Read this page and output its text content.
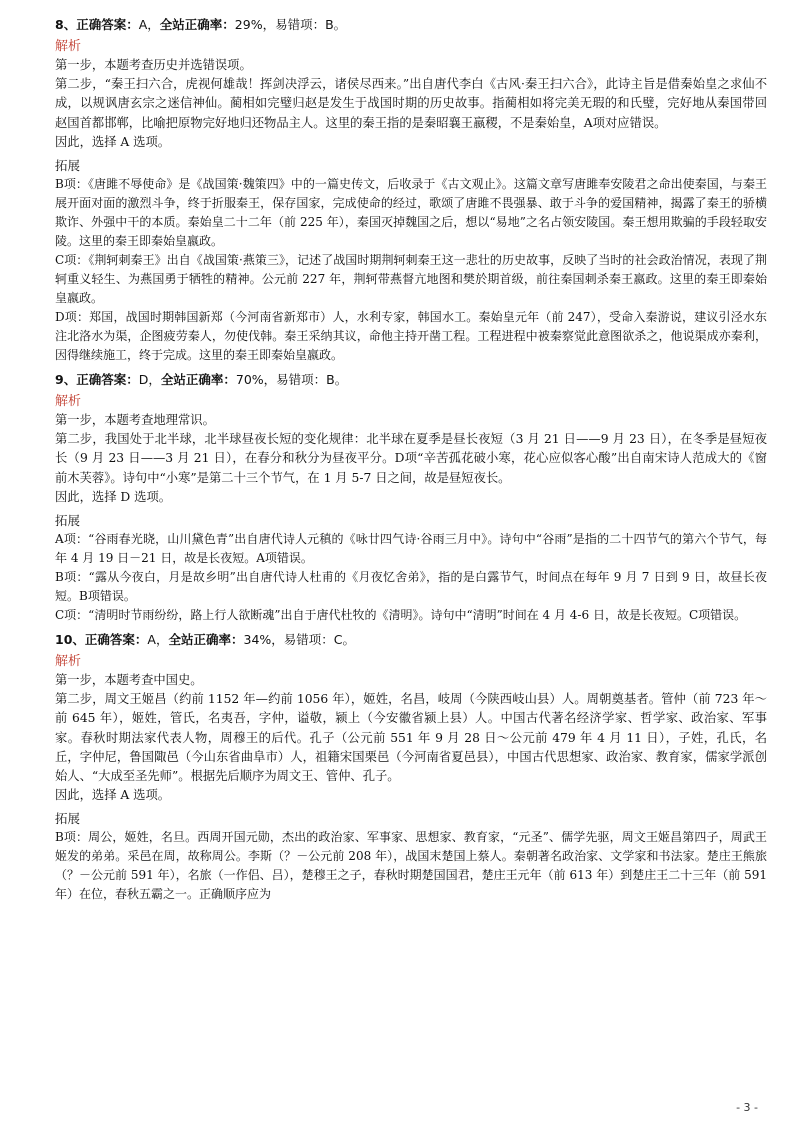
8、正确答案：A，全站正确率：29%，易错项：B。
解析

第一步，本题考查历史并选错误项。

第二步，“秦王扫六合，虎视何雄哉！挥剑决浮云，诸侯尽西来。”出自唐代李白《古风·秦王扫六合》，此诗主旨是借秦始皇之求仙不成，以规讽唐玄宗之迷信神仙。蔺相如完璧归赵是发生于战国时期的历史故事。指蔺相如将完美无瑕的和氏璧，完好地从秦国带回赵国首都邯郸，比喻把原物完好地归还物品主人。这里的秦王指的是秦昭襄王嬴稷，不是秦始皇，A项对应错误。

因此，选择 A 选项。

拓展

B项：《唐雎不辱使命》是《战国策·魏策四》中的一篇史传文，后收录于《古文观止》。这篇文章写唐雎奉安陵君之命出使秦国，与秦王展开面对面的激烈斗争，终于折服秦王，保存国家，完成使命的经过，歌颂了唐雎不畏强暴、敢于斗争的爱国精神，揭露了秦王的骄横欺诈、外强中干的本质。秦始皇二十二年（前 225 年），秦国灭掉魏国之后，想以“易地”之名占领安陵国。秦王想用欺骗的手段轻取安陵。这里的秦王即秦始皇嬴政。

C项：《荆轲刺秦王》出自《战国策·燕策三》，记述了战国时期荆轲刺秦王这一悲壮的历史故事，反映了当时的社会政治情况，表现了荆轲重义轻生、为燕国勇于牺牲的精神。公元前 227 年，荆轲带燕督亢地图和樊於期首级，前往秦国刺杀秦王嬴政。这里的秦王即秦始皇嬴政。

D项：郑国，战国时期韩国新郑（今河南省新郑市）人，水利专家，韩国水工。秦始皇元年（前 247），受命入秦游说，建议引泾水东注北洛水为渠，企图疲劳秦人，勿使伐韩。秦王采纳其议，命他主持开凿工程。工程进程中被秦察觉此意图欲杀之，他说渠成亦秦利，因得继续施工，终于完成。这里的秦王即秦始皇嬴政。

9、正确答案：D，全站正确率：70%，易错项：B。
解析

第一步，本题考查地理常识。

第二步，我国处于北半球，北半球昼夜长短的变化规律：北半球在夏季是昼长夜短（3 月 21 日——9 月 23 日），在冬季是昼短夜长（9 月 23 日——3 月 21 日），在春分和秋分为昼夜平分。D项“辛苦孤花破小寒，花心应似客心酸”出自南宋诗人范成大的《窗前木芙蓉》。诗句中“小寒”是第二十三个节气，在 1 月 5-7 日之间，故是昼短夜长。

因此，选择 D 选项。

拓展

A项：“谷雨春光晓，山川黛色青”出自唐代诗人元稹的《咏廿四气诗·谷雨三月中》。诗句中“谷雨”是指的二十四节气的第六个节气，每年 4 月 19 日－21 日，故是长夜短。A项错误。

B项：“露从今夜白，月是故乡明”出自唐代诗人杜甫的《月夜忆舍弟》，指的是白露节气，时间点在每年 9 月 7 日到 9 日，故昼长夜短。B项错误。

C项：“清明时节雨纷纷，路上行人欲断魂”出自于唐代杜牧的《清明》。诗句中“清明”时间在 4 月 4-6 日，故是长夜短。C项错误。

10、正确答案：A，全站正确率：34%，易错项：C。
解析

第一步，本题考查中国史。

第二步，周文王姬昌（约前 1152 年—约前 1056 年），姬姓，名昌，岐周（今陕西岐山县）人。周朝奠基者。管仲（前 723 年～前 645 年），姬姓，管氏，名夷吾，字仲，谥敬，颍上（今安徽省颍上县）人。中国古代著名经济学家、哲学家、政治家、军事家。春秋时期法家代表人物，周穆王的后代。孔子（公元前 551 年 9 月 28 日～公元前 479 年 4 月 11 日），子姓，孔氏，名丘，字仲尼，鲁国陬邑（今山东省曲阜市）人，祖籍宋国栗邑（今河南省夏邑县），中国古代思想家、政治家、教育家，儒家学派创始人、“大成至圣先师”。根据先后顺序为周文王、管仲、孔子。

因此，选择 A 选项。

拓展

B项：周公，姬姓，名旦。西周开国元勋，杰出的政治家、军事家、思想家、教育家，“元圣”、儒学先驱，周文王姬昌第四子，周武王姬发的弟弟。采邑在周，故称周公。李斯（？－公元前 208 年），战国末楚国上蔡人。秦朝著名政治家、文学家和书法家。楚庄王熊旅（？－公元前 591 年），名旅（一作侣、吕），楚穆王之子，春秋时期楚国国君，楚庄王元年（前 613 年）到楚庄王二十三年（前 591 年）在位，春秋五霸之一。正确顺序应为

- 3 -
